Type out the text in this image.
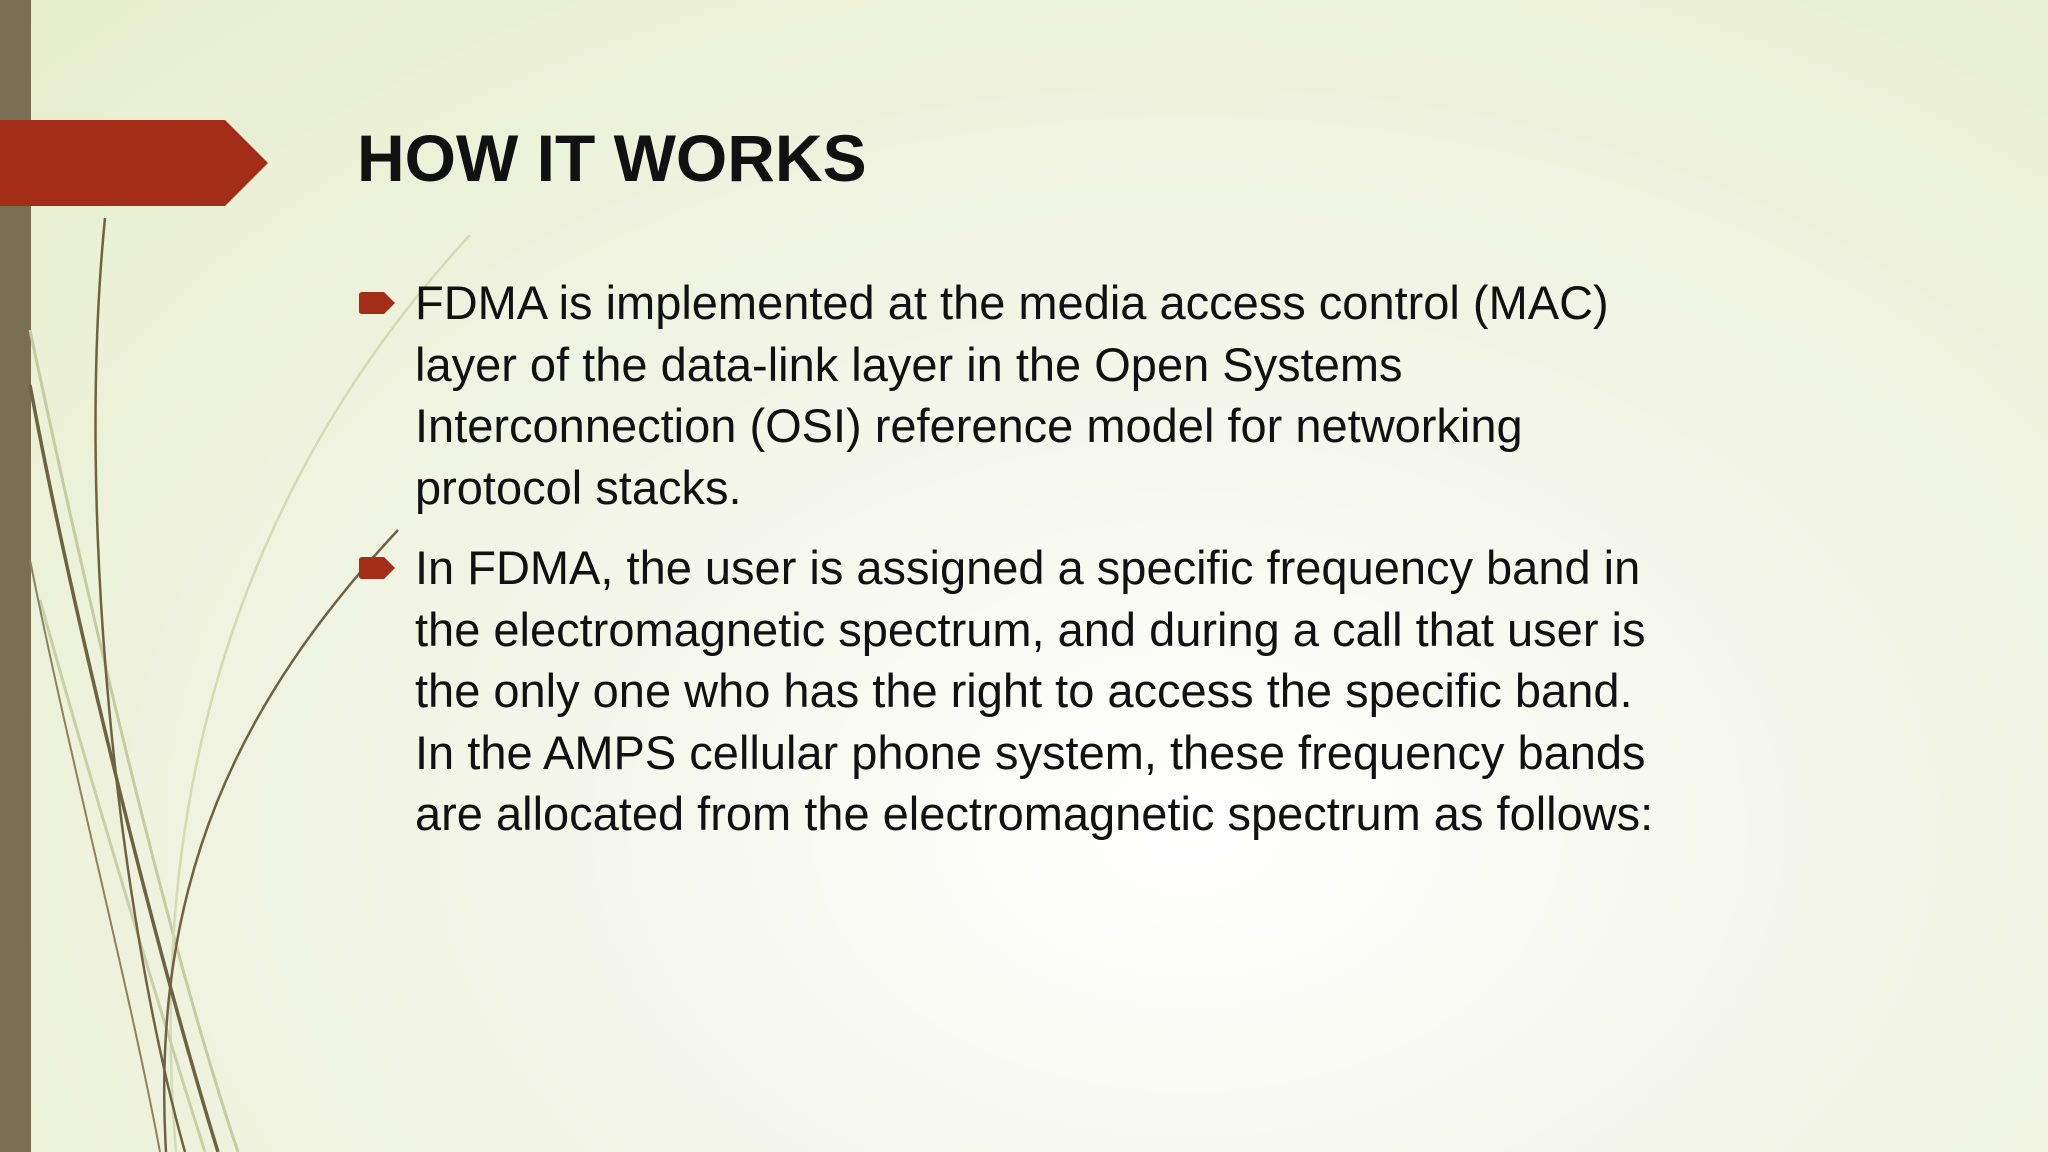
HOW IT WORKS
FDMA is implemented at the media access control (MAC)
layer of the data-link layer in the Open Systems
Interconnection (OSI) reference model for networking
protocol stacks.
In FDMA, the user is assigned a specific frequency band in
the electromagnetic spectrum, and during a call that user is
the only one who has the right to access the specific band.
In the AMPS cellular phone system, these frequency bands
are allocated from the electromagnetic spectrum as follows:
